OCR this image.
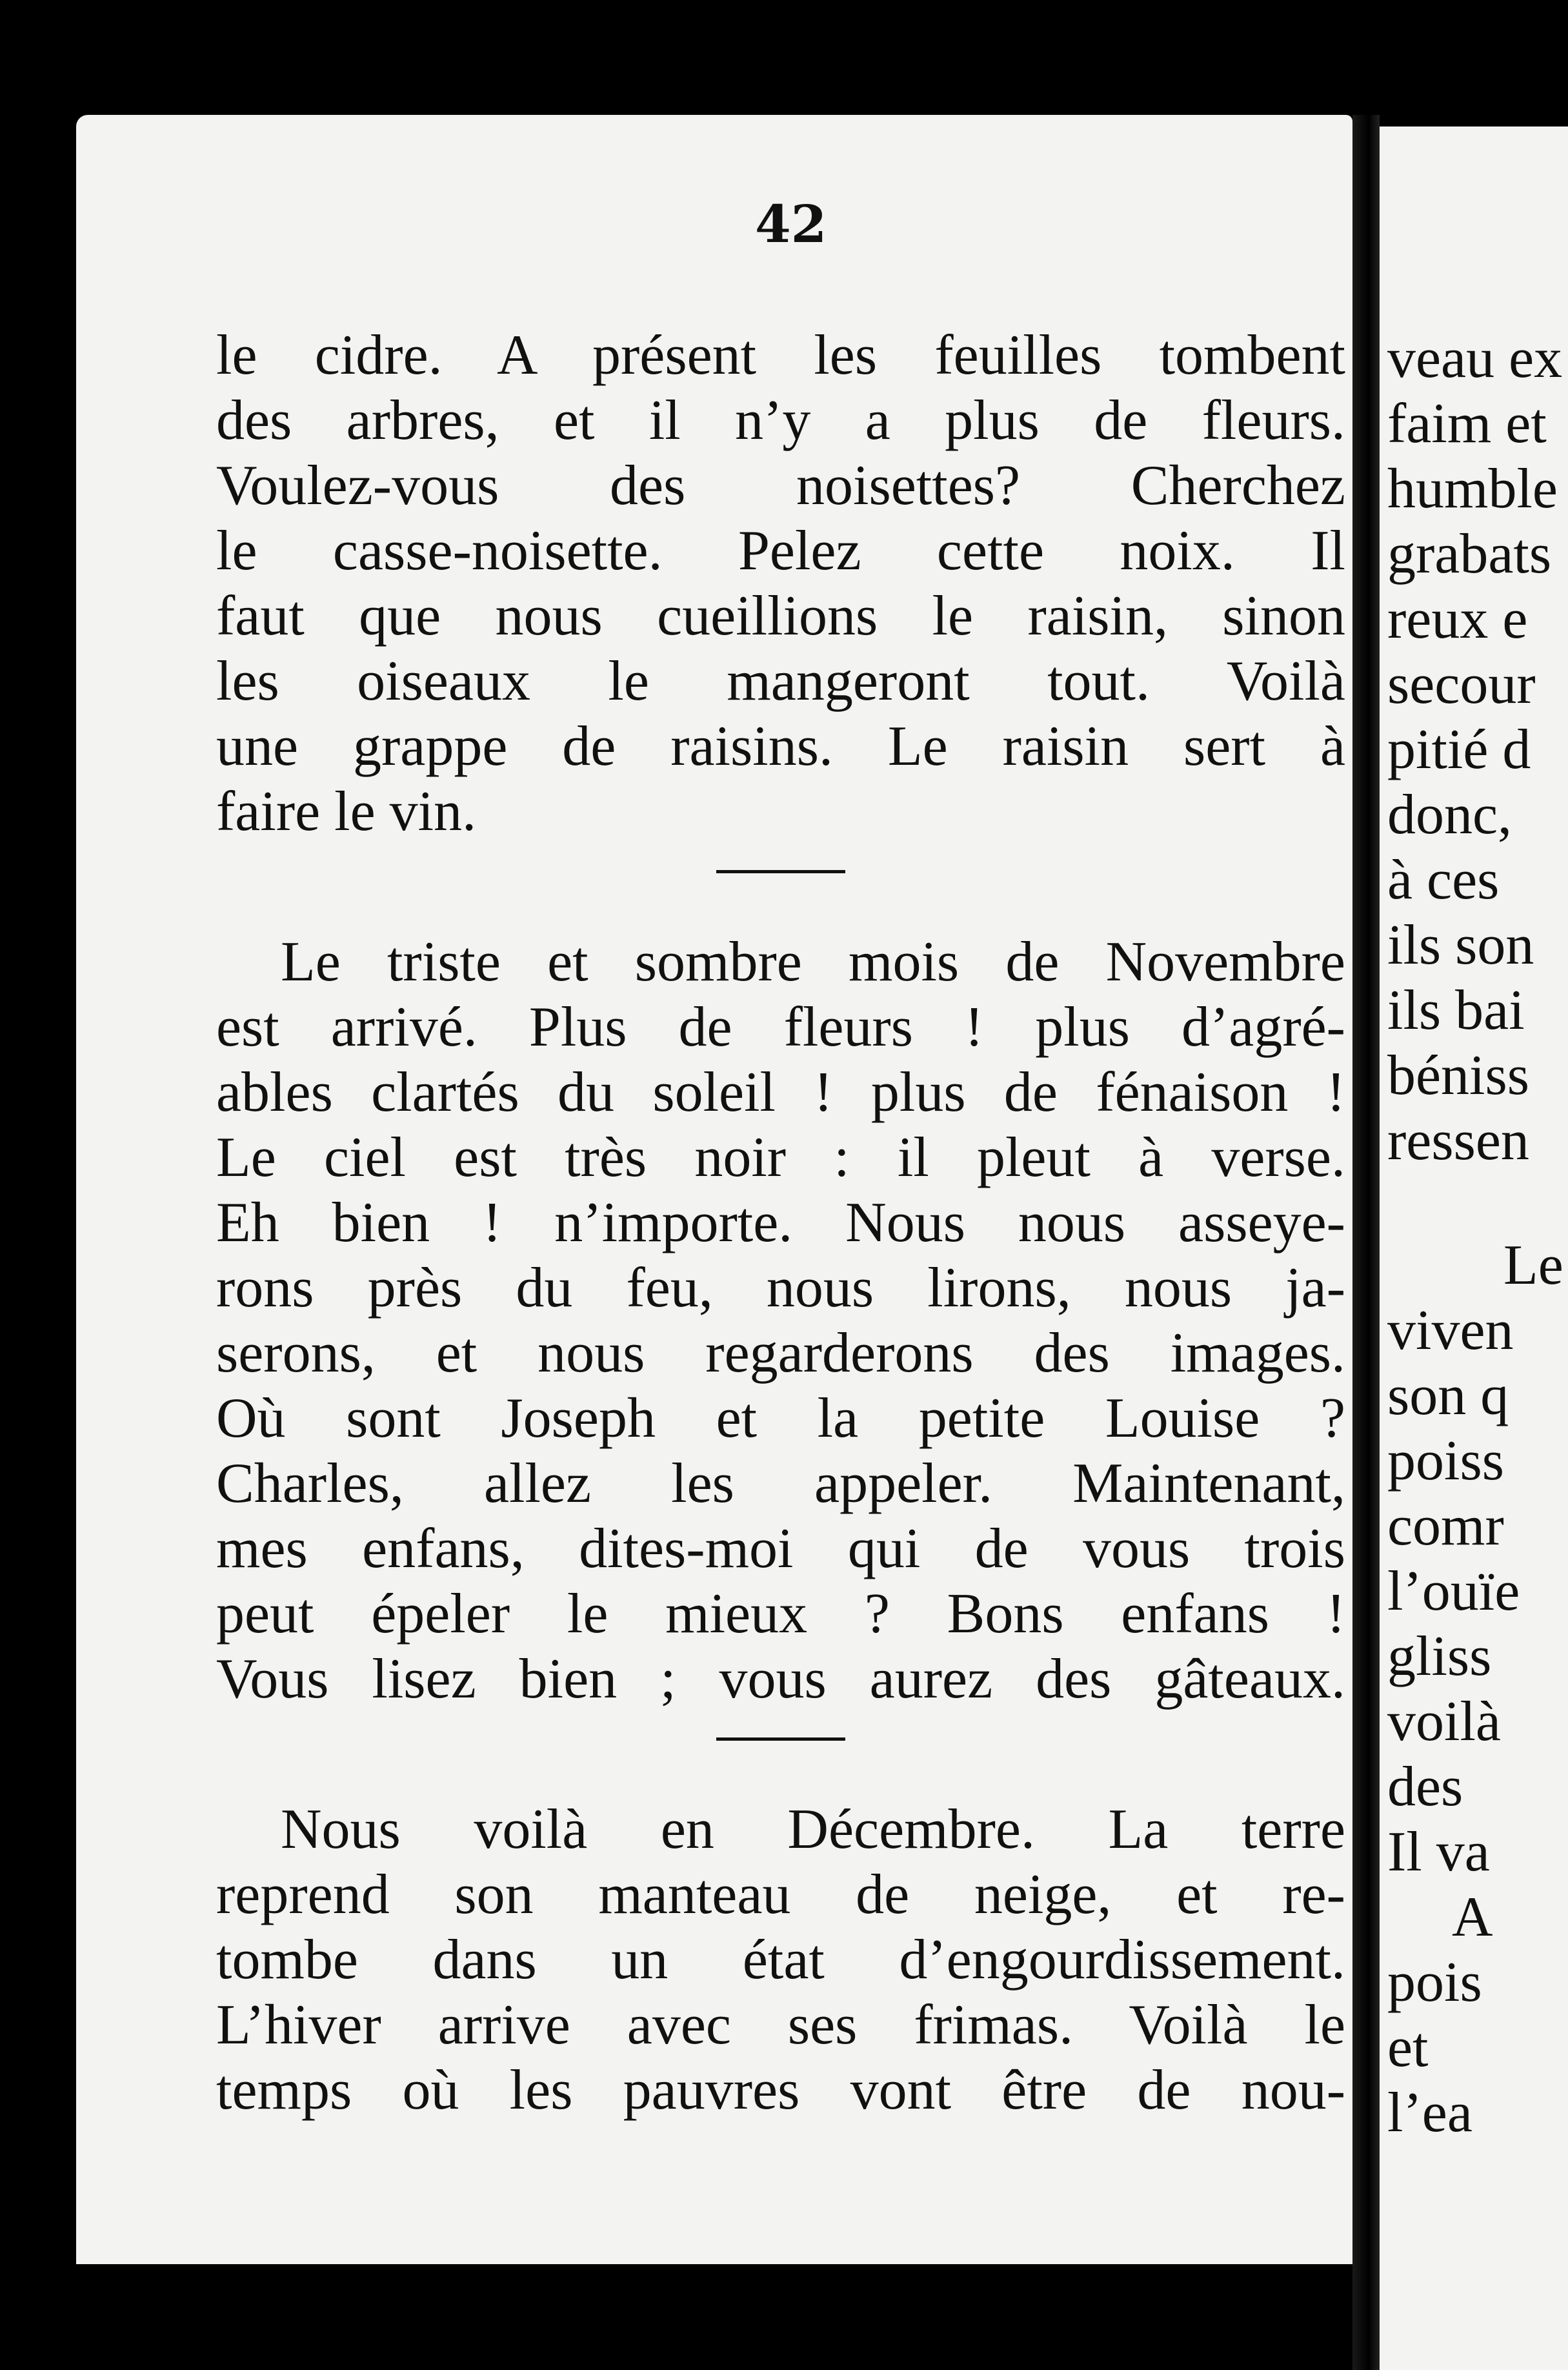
42
le cidre. A présent les feuilles tombent
des arbres, et il n’y a plus de fleurs.
Voulez-vous des noisettes? Cherchez
le casse-noisette. Pelez cette noix. Il
faut que nous cueillions le raisin, sinon
les oiseaux le mangeront tout. Voilà
une grappe de raisins. Le raisin sert à
faire le vin.
Le triste et sombre mois de Novembre
est arrivé. Plus de fleurs ! plus d’agré-
ables clartés du soleil ! plus de fénaison !
Le ciel est très noir : il pleut à verse.
Eh bien ! n’importe. Nous nous asseye-
rons près du feu, nous lirons, nous ja-
serons, et nous regarderons des images.
Où sont Joseph et la petite Louise ?
Charles, allez les appeler. Maintenant,
mes enfans, dites-moi qui de vous trois
peut épeler le mieux ? Bons enfans !
Vous lisez bien ; vous aurez des gâteaux.
Nous voilà en Décembre. La terre
reprend son manteau de neige, et re-
tombe dans un état d’engourdissement.
L’hiver arrive avec ses frimas. Voilà le
temps où les pauvres vont être de nou-
veau ex
faim et
humble
grabats
reux e
secour
pitié d
donc,
à ces
ils son
ils bai
béniss
ressen
Le
viven
son q
poiss
comr
l’ouïe
gliss
voilà
des
Il va
A
pois
et
l’ea
